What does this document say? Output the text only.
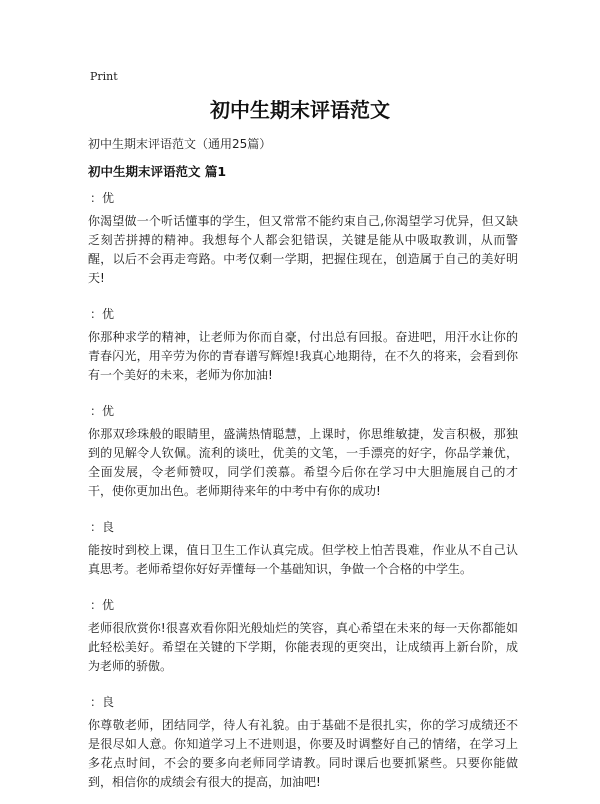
Print
初中生期末评语范文
初中生期末评语范文（通用25篇）
初中生期末评语范文 篇1
：优

你渴望做一个听话懂事的学生，但又常常不能约束自己,你渴望学习优异，但又缺乏刻苦拼搏的精神。我想每个人都会犯错误，关键是能从中吸取教训，从而警醒，以后不会再走弯路。中考仅剩一学期，把握住现在，创造属于自己的美好明天!

：优

你那种求学的精神，让老师为你而自豪，付出总有回报。奋进吧，用汗水让你的青春闪光，用辛劳为你的青春谱写辉煌!我真心地期待，在不久的将来，会看到你有一个美好的未来，老师为你加油!

：优

你那双珍珠般的眼睛里，盛满热情聪慧，上课时，你思维敏捷，发言积极，那独到的见解令人钦佩。流利的谈吐，优美的文笔，一手漂亮的好字，你品学兼优，全面发展，令老师赞叹，同学们羡慕。希望今后你在学习中大胆施展自己的才干，使你更加出色。老师期待来年的中考中有你的成功!

：良

能按时到校上课，值日卫生工作认真完成。但学校上怕苦畏难，作业从不自己认真思考。老师希望你好好弄懂每一个基础知识，争做一个合格的中学生。

：优

老师很欣赏你!很喜欢看你阳光般灿烂的笑容，真心希望在未来的每一天你都能如此轻松美好。希望在关键的下学期，你能表现的更突出，让成绩再上新台阶，成为老师的骄傲。

：良

你尊敬老师，团结同学，待人有礼貌。由于基础不是很扎实，你的学习成绩还不是很尽如人意。你知道学习上不进则退，你要及时调整好自己的情绪，在学习上多花点时间，不会的要多向老师同学请教。同时课后也要抓紧些。只要你能做到，相信你的成绩会有很大的提高，加油吧!
